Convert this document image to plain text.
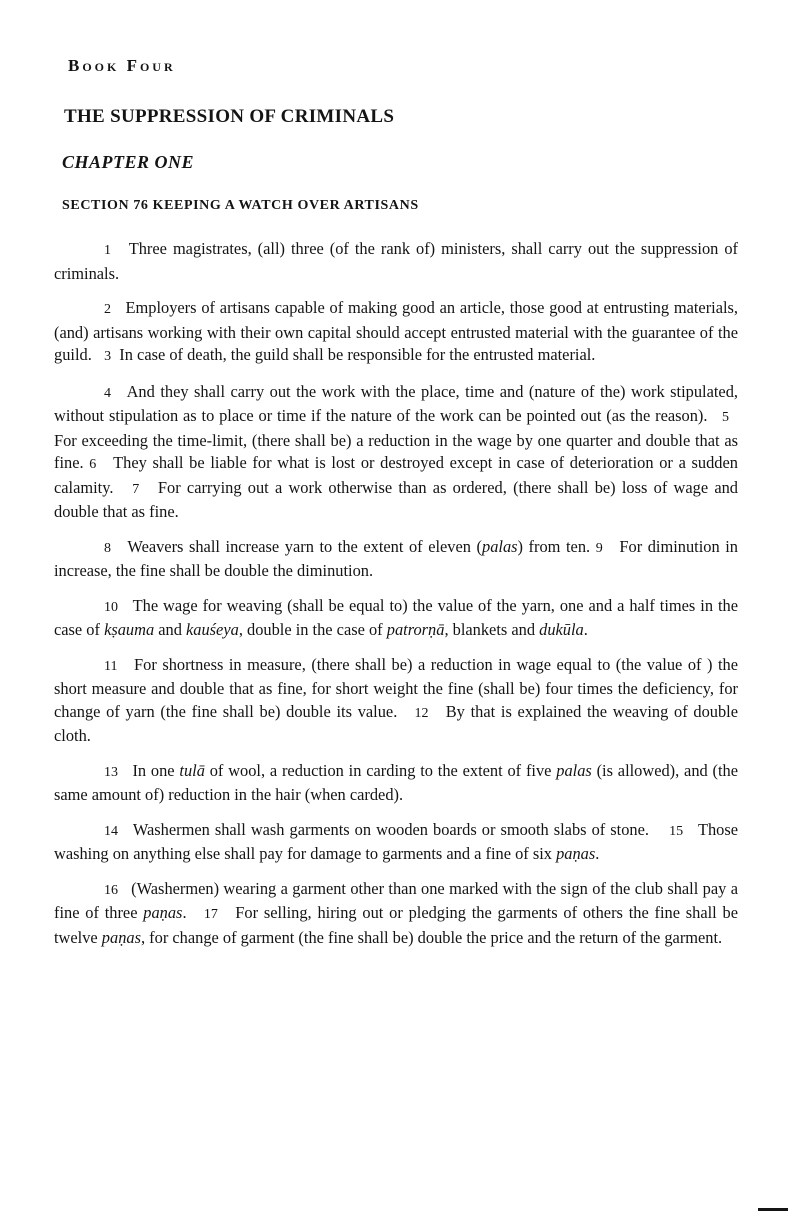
Book Four
THE SUPPRESSION OF CRIMINALS
CHAPTER ONE
SECTION 76 KEEPING A WATCH OVER ARTISANS

1 Three magistrates, (all) three (of the rank of) ministers, shall carry out the suppression of criminals.

2 Employers of artisans capable of making good an article, those good at entrusting materials, (and) artisans working with their own capital should accept entrusted material with the guarantee of the guild. 3 In case of death, the guild shall be responsible for the entrusted material.

4 And they shall carry out the work with the place, time and (nature of the) work stipulated, without stipulation as to place or time if the nature of the work can be pointed out (as the reason). 5   For exceeding the time-limit, (there shall be) a reduction in the wage by one quarter and double that as fine. 6 They shall be liable for what is lost or destroyed except in case of deterioration or a sudden calamity. 7 For carrying out a work otherwise than as ordered, (there shall be) loss of wage and double that as fine.

8 Weavers shall increase yarn to the extent of eleven (palas) from ten. 9 For diminution in increase, the fine shall be double the diminution.

10 The wage for weaving (shall be equal to) the value of the yarn, one and a half times in the case of kṣauma and kauśeya, double in the case of patrorṇā, blankets and dukūla.

11 For shortness in measure, (there shall be) a reduction in wage equal to (the value of ) the short measure and double that as fine, for short weight the fine (shall be) four times the deficiency, for change of yarn (the fine shall be) double its value. 12 By that is explained the weaving of double cloth.

13 In one tulā of wool, a reduction in carding to the extent of five palas (is allowed), and (the same amount of) reduction in the hair (when carded).

14 Washermen shall wash garments on wooden boards or smooth slabs of stone. 15 Those washing on anything else shall pay for damage to garments and a fine of six paṇas.

16 (Washermen) wearing a garment other than one marked with the sign of the club shall pay a fine of three paṇas. 17 For selling, hiring out or pledging the garments of others the fine shall be twelve paṇas, for change of garment (the fine shall be) double the price and the return of the garment.
